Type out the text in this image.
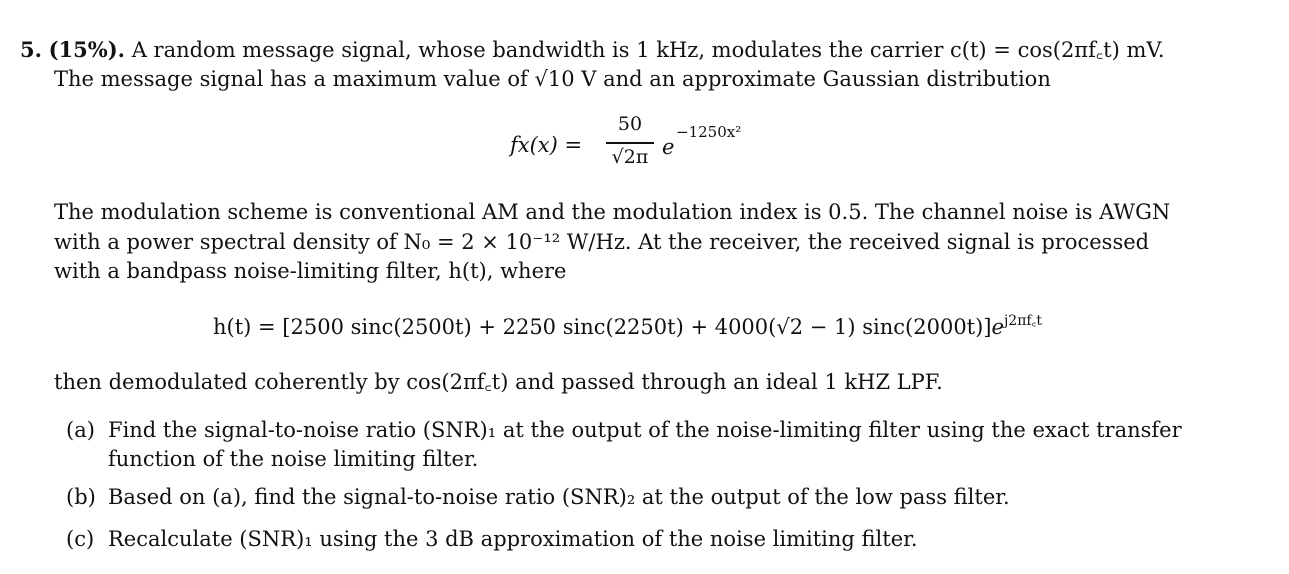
5. (15%). A random message signal, whose bandwidth is 1 kHz, modulates the carrier c(t) = cos(2πf꜀t) mV.
The message signal has a maximum value of √10 V and an approximate Gaussian distribution
fx(x) =
50
√2π e
−1250x²
The modulation scheme is conventional AM and the modulation index is 0.5. The channel noise is AWGN
with a power spectral density of N₀ = 2 × 10⁻¹² W/Hz. At the receiver, the received signal is processed
with a bandpass noise-limiting filter, h(t), where
h(t) = [2500 sinc(2500t) + 2250 sinc(2250t) + 4000(√2 − 1) $\sin c(2000t)]e^{j2\pi f꜀t}$
then demodulated coherently by cos(2πf꜀t) and passed through an ideal 1 kHZ LPF.
(a) Find the signal-to-noise ratio (SNR)₁ at the output of the noise-limiting filter using the exact transfer
function of the noise limiting filter.
(b) Based on (a), find the signal-to-noise ratio (SNR)₂ at the output of the low pass filter.
(c) Recalculate (SNR)₁ using the 3 dB approximation of the noise limiting filter.
